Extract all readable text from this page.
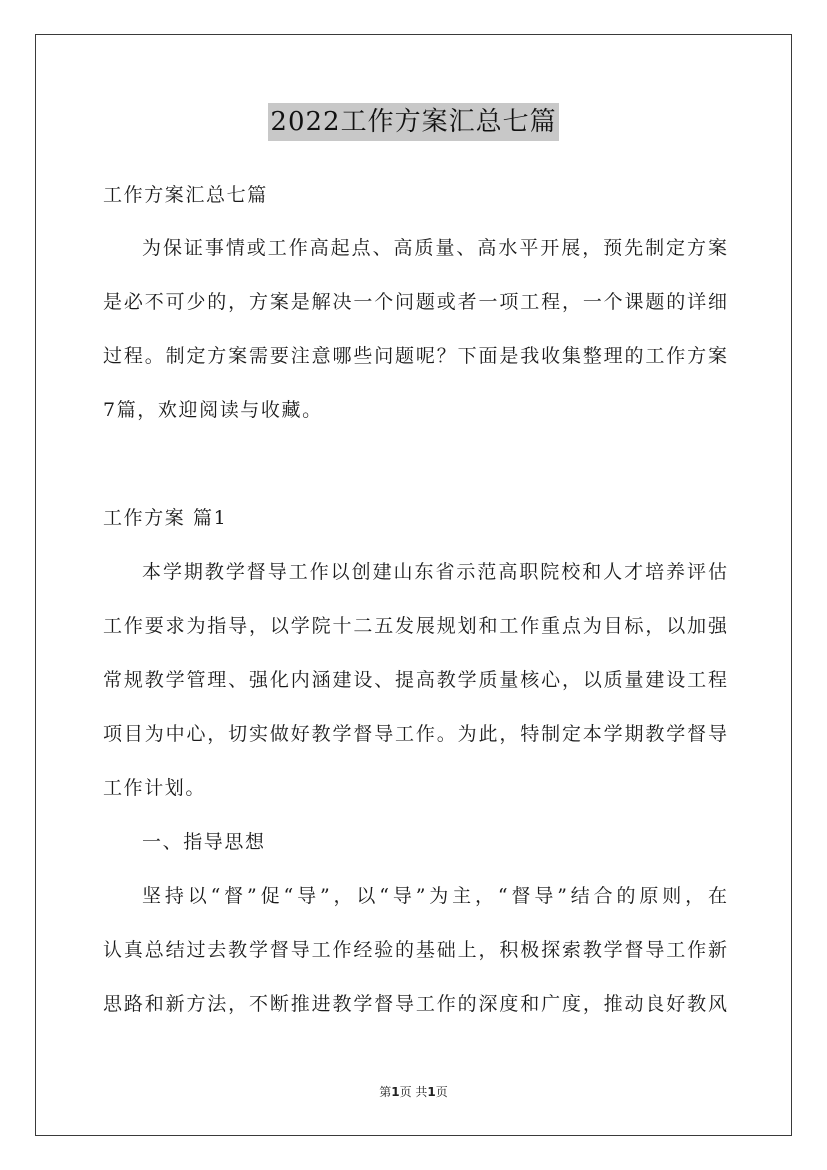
2022工作方案汇总七篇
工作方案汇总七篇
为保证事情或工作高起点、高质量、高水平开展，预先制定方案
是必不可少的，方案是解决一个问题或者一项工程，一个课题的详细
过程。制定方案需要注意哪些问题呢？下面是我收集整理的工作方案
7篇，欢迎阅读与收藏。
工作方案 篇1
本学期教学督导工作以创建山东省示范高职院校和人才培养评估
工作要求为指导，以学院十二五发展规划和工作重点为目标，以加强
常规教学管理、强化内涵建设、提高教学质量核心，以质量建设工程
项目为中心，切实做好教学督导工作。为此，特制定本学期教学督导
工作计划。
一、指导思想
坚持以“督”促“导”，以“导”为主，“督导”结合的原则，在
认真总结过去教学督导工作经验的基础上，积极探索教学督导工作新
思路和新方法，不断推进教学督导工作的深度和广度，推动良好教风
第1页 共1页
